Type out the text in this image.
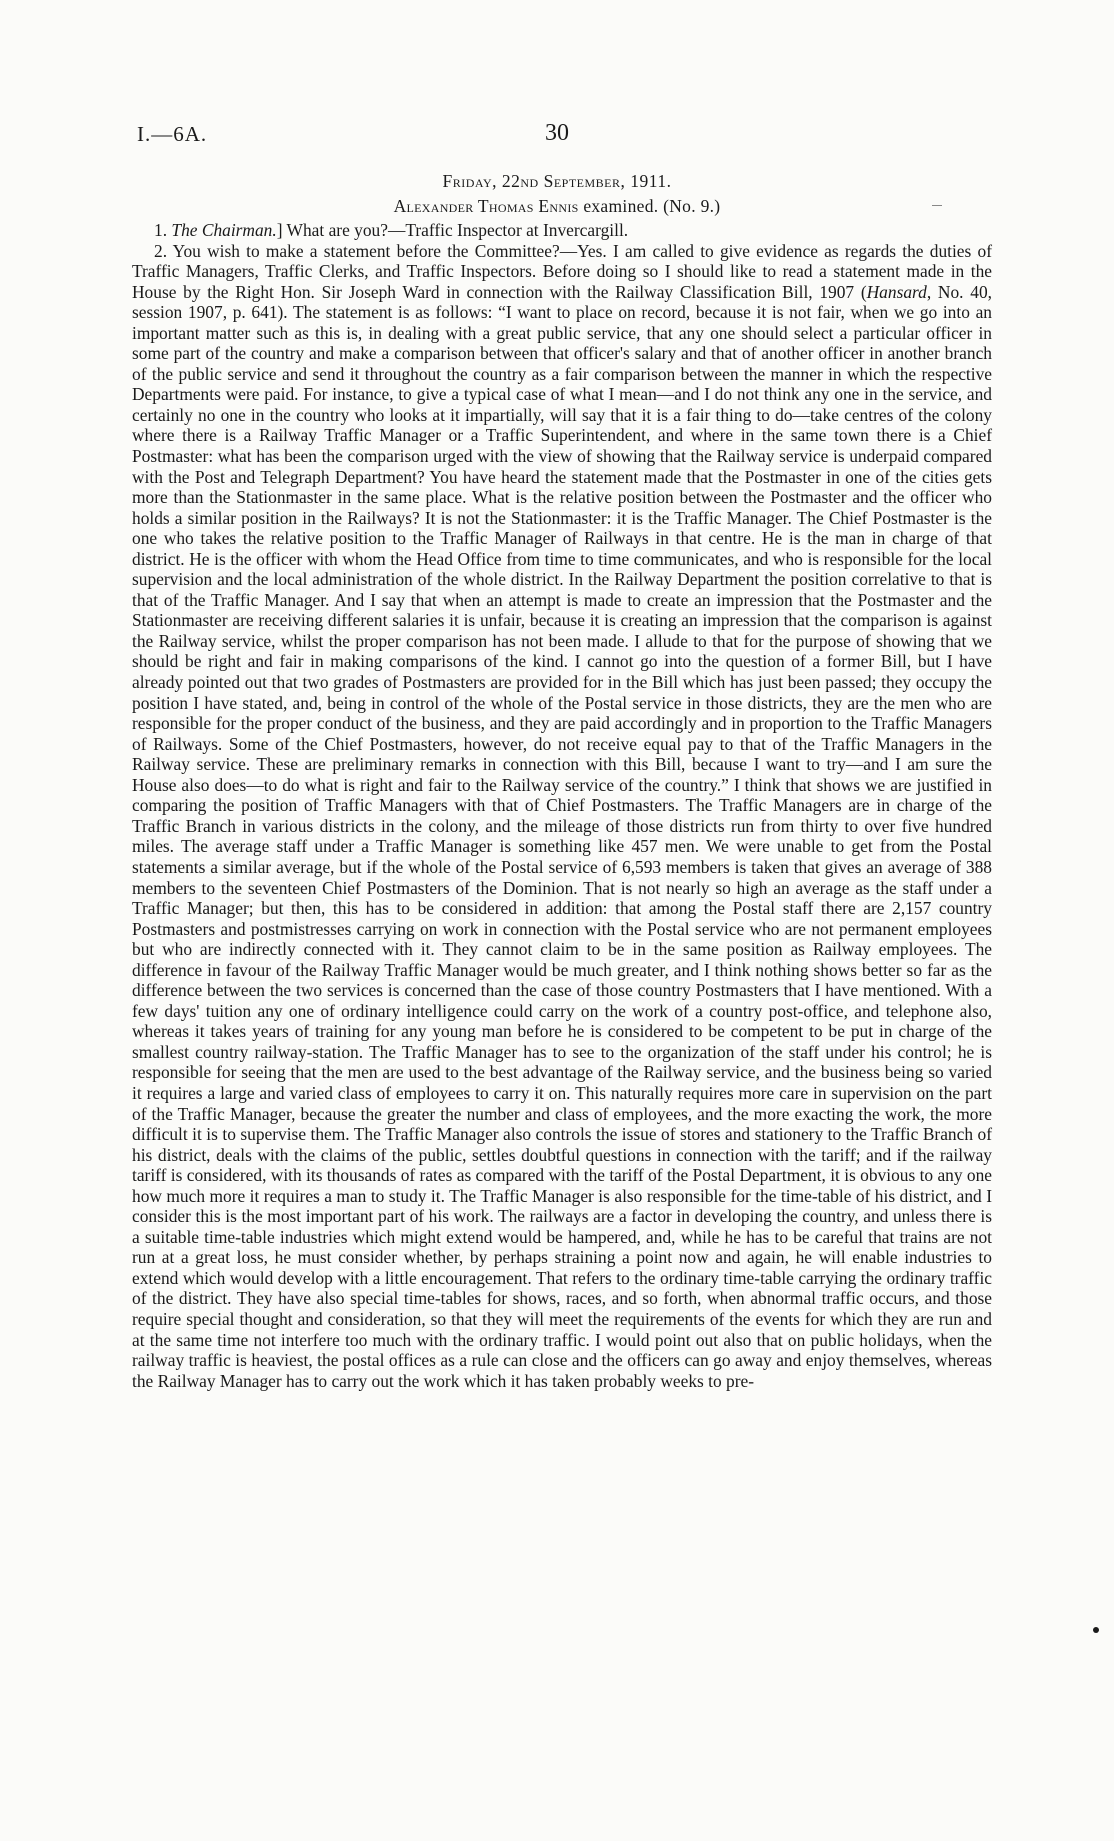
I.—6A.	30
Friday, 22nd September, 1911.
Alexander Thomas Ennis examined. (No. 9.)

1. The Chairman.] What are you?—Traffic Inspector at Invercargill.

2. You wish to make a statement before the Committee?—Yes. I am called to give evidence as regards the duties of Traffic Managers, Traffic Clerks, and Traffic Inspectors. Before doing so I should like to read a statement made in the House by the Right Hon. Sir Joseph Ward in connection with the Railway Classification Bill, 1907 (Hansard, No. 40, session 1907, p. 641). The statement is as follows: “I want to place on record, because it is not fair, when we go into an important matter such as this is, in dealing with a great public service, that any one should select a particular officer in some part of the country and make a comparison between that officer's salary and that of another officer in another branch of the public service and send it throughout the country as a fair comparison between the manner in which the respective Departments were paid. For instance, to give a typical case of what I mean—and I do not think any one in the service, and certainly no one in the country who looks at it impartially, will say that it is a fair thing to do—take centres of the colony where there is a Railway Traffic Manager or a Traffic Superintendent, and where in the same town there is a Chief Postmaster: what has been the comparison urged with the view of showing that the Railway service is underpaid compared with the Post and Telegraph Department? You have heard the statement made that the Postmaster in one of the cities gets more than the Stationmaster in the same place. What is the relative position between the Postmaster and the officer who holds a similar position in the Railways? It is not the Stationmaster: it is the Traffic Manager. The Chief Postmaster is the one who takes the relative position to the Traffic Manager of Railways in that centre. He is the man in charge of that district. He is the officer with whom the Head Office from time to time communicates, and who is responsible for the local supervision and the local administration of the whole district. In the Railway Department the position correlative to that is that of the Traffic Manager. And I say that when an attempt is made to create an impression that the Postmaster and the Stationmaster are receiving different salaries it is unfair, because it is creating an impression that the comparison is against the Railway service, whilst the proper comparison has not been made. I allude to that for the purpose of showing that we should be right and fair in making comparisons of the kind. I cannot go into the question of a former Bill, but I have already pointed out that two grades of Postmasters are provided for in the Bill which has just been passed; they occupy the position I have stated, and, being in control of the whole of the Postal service in those districts, they are the men who are responsible for the proper conduct of the business, and they are paid accordingly and in proportion to the Traffic Managers of Railways. Some of the Chief Postmasters, however, do not receive equal pay to that of the Traffic Managers in the Railway service. These are preliminary remarks in connection with this Bill, because I want to try—and I am sure the House also does—to do what is right and fair to the Railway service of the country.” I think that shows we are justified in comparing the position of Traffic Managers with that of Chief Postmasters. The Traffic Managers are in charge of the Traffic Branch in various districts in the colony, and the mileage of those districts run from thirty to over five hundred miles. The average staff under a Traffic Manager is something like 457 men. We were unable to get from the Postal statements a similar average, but if the whole of the Postal service of 6,593 members is taken that gives an average of 388 members to the seventeen Chief Postmasters of the Dominion. That is not nearly so high an average as the staff under a Traffic Manager; but then, this has to be considered in addition: that among the Postal staff there are 2,157 country Postmasters and postmistresses carrying on work in connection with the Postal service who are not permanent employees but who are indirectly connected with it. They cannot claim to be in the same position as Railway employees. The difference in favour of the Railway Traffic Manager would be much greater, and I think nothing shows better so far as the difference between the two services is concerned than the case of those country Postmasters that I have mentioned. With a few days' tuition any one of ordinary intelligence could carry on the work of a country post-office, and telephone also, whereas it takes years of training for any young man before he is considered to be competent to be put in charge of the smallest country railway-station. The Traffic Manager has to see to the organization of the staff under his control; he is responsible for seeing that the men are used to the best advantage of the Railway service, and the business being so varied it requires a large and varied class of employees to carry it on. This naturally requires more care in supervision on the part of the Traffic Manager, because the greater the number and class of employees, and the more exacting the work, the more difficult it is to supervise them. The Traffic Manager also controls the issue of stores and stationery to the Traffic Branch of his district, deals with the claims of the public, settles doubtful questions in connection with the tariff; and if the railway tariff is considered, with its thousands of rates as compared with the tariff of the Postal Department, it is obvious to any one how much more it requires a man to study it. The Traffic Manager is also responsible for the time-table of his district, and I consider this is the most important part of his work. The railways are a factor in developing the country, and unless there is a suitable time-table industries which might extend would be hampered, and, while he has to be careful that trains are not run at a great loss, he must consider whether, by perhaps straining a point now and again, he will enable industries to extend which would develop with a little encouragement. That refers to the ordinary time-table carrying the ordinary traffic of the district. They have also special time-tables for shows, races, and so forth, when abnormal traffic occurs, and those require special thought and consideration, so that they will meet the requirements of the events for which they are run and at the same time not interfere too much with the ordinary traffic. I would point out also that on public holidays, when the railway traffic is heaviest, the postal offices as a rule can close and the officers can go away and enjoy themselves, whereas the Railway Manager has to carry out the work which it has taken probably weeks to pre-
